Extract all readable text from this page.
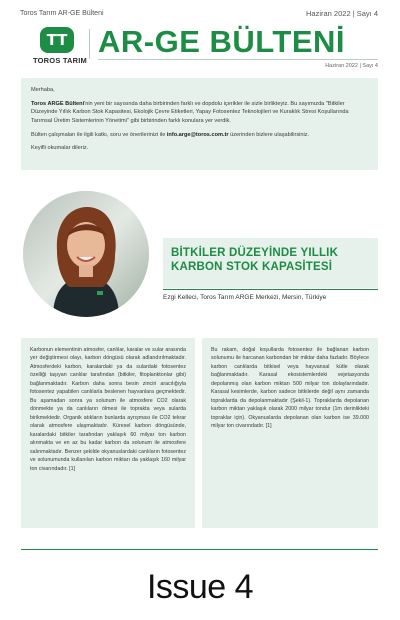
Toros Tarım AR-GE Bülteni	Haziran 2022 | Sayı 4
TT
TOROS TARIM
AR-GE BÜLTENİ
Haziran 2022 | Sayı 4

Merhaba,

Toros ARGE Bülteni'nin yeni bir sayısında daha birbirinden farklı ve dopdolu içerikler ile sizle birlikteyiz. Bu sayımızda "Bitkiler Düzeyinde Yıllık Karbon Stok Kapasitesi, Ekolojik Çevre Etiketleri, Yapay Fotosentez Teknolojileri ve Kuraklık Stresi Koşullarında Tarımsal Üretim Sistemlerinin Yönetimi" gibi birbirinden farklı konulara yer verdik.

Bülten çalışmaları ile ilgili katkı, soru ve önerilerinizi ile info.arge@toros.com.tr üzerinden bizlere ulaşabilirsiniz.

Keyifli okumalar dileriz.

BİTKİLER DÜZEYİNDE YILLIK KARBON STOK KAPASİTESİ
Ezgi Kelleci, Toros Tarım ARGE Merkezi, Mersin, Türkiye
Karbonun elementinin atmosfer, canlılar, karalar ve sular arasında yer değiştirmesi olayı, karbon döngüsü olarak adlandırılmaktadır. Atmosferdeki karbon, karalardaki ya da sulardaki fotosentez özelliği taşıyan canlılar tarafından (bitkiler, fitoplanktonlar gibi) bağlanmaktadır. Karbon daha sonra besin zinciri aracılığıyla fotosentez yapabilen canlılarla beslenen hayvanlara geçmektedir. Bu aşamadan sonra ya solunum ile atmosfere CO2 olarak dönmekte ya da canlıların ölmesi ile toprakta veya sularda birikmektedir. Organik atıkların bunlarda ayrışması ile CO2 tekrar olarak atmosfere ulaşmaktadır. Küresel karbon döngüsünde, karalardaki bitkiler tarafından yaklaşık 60 milyar ton karbon alınmakta ve en az bu kadar karbon da solunum ile atmosfere salınmaktadır. Benzer şekilde okyanuslardaki canlıların fotosentez ve solunumunda kullanılan karbon miktarı da yaklaşık 160 milyar ton civarındadır. [1]
Bu rakam, doğal koşullarda fotosentez ile bağlanan karbon solunumu ile harcanan karbondan bir miktar daha fazladır. Böylece karbon canlılarda bitkisel veya hayvansal kütle olarak bağlanmaktadır. Karasal ekosistemlerdeki vejetasyonda depolanmış olan karbon miktarı 500 milyar ton dolaylarındadır. Karasal kesimlerde, karbon sadece bitkilerde değil aynı zamanda topraklarda da depolanmaktadır (Şekil-1). Topraklarda depolanan karbon miktarı yaklaşık olarak 2000 milyar tondur (1m derinlikteki topraklar için). Okyanuslarda depolanan olan karbon ise 39.000 milyar ton civarındadır. [1]
Issue 4
